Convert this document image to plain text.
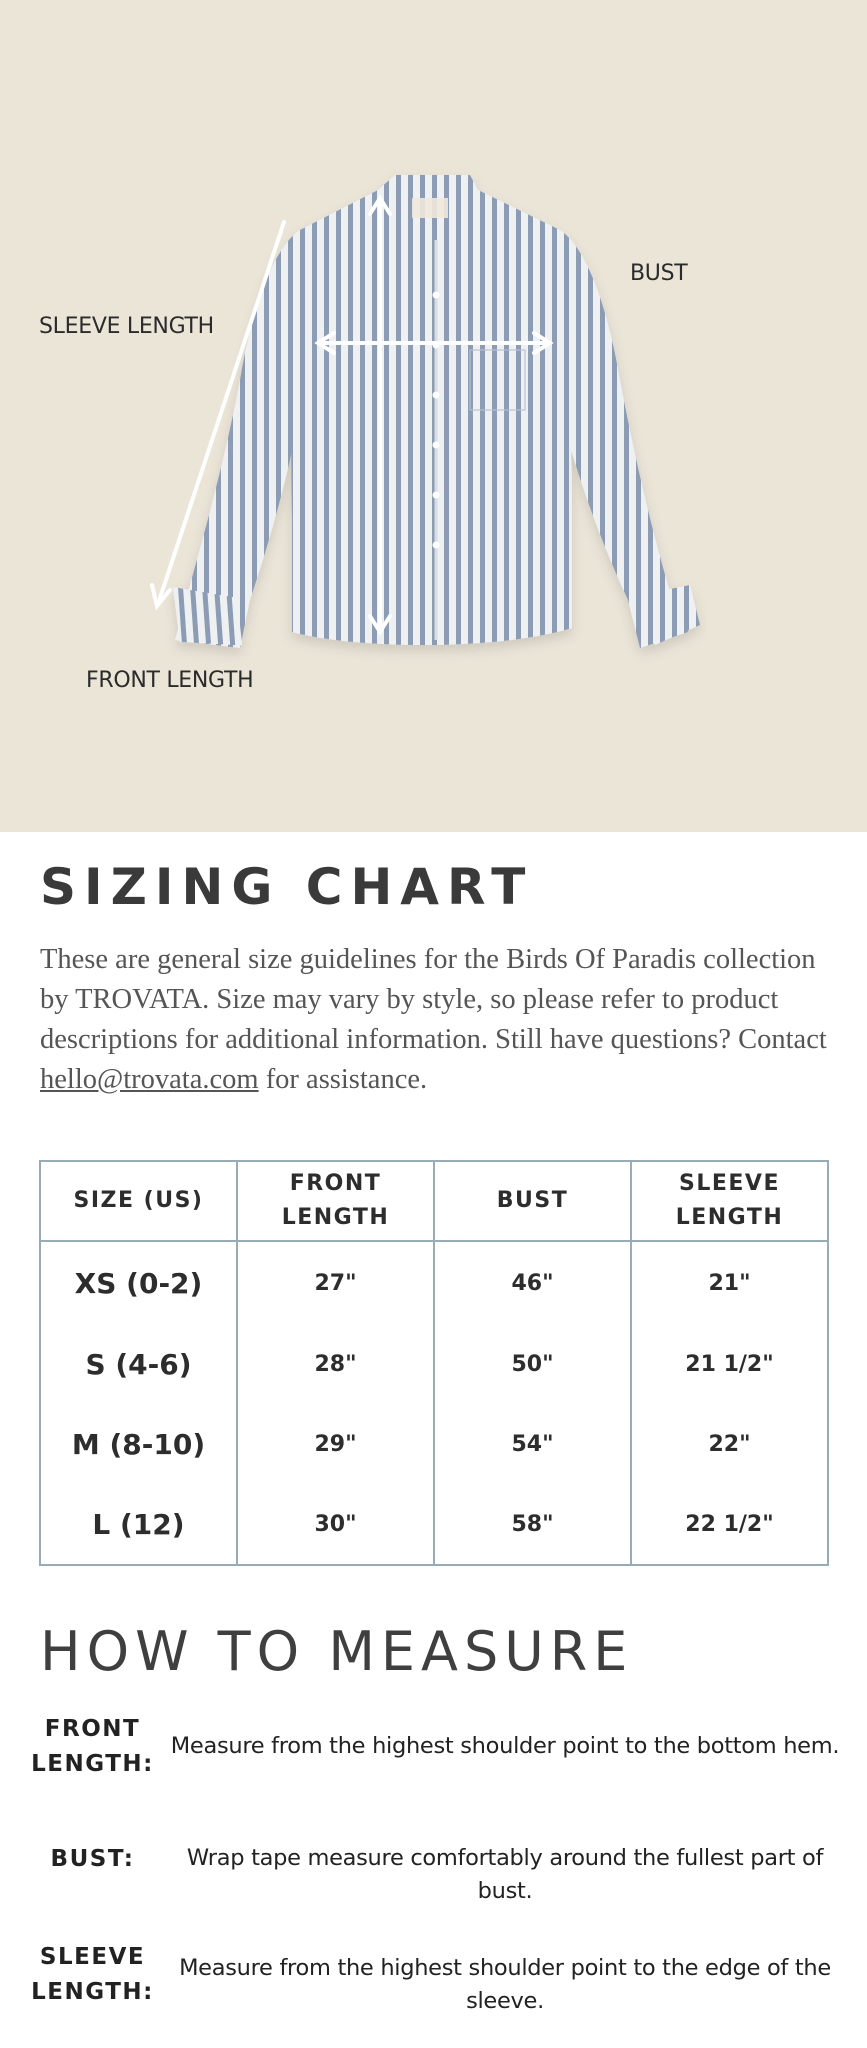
SLEEVE LENGTH
BUST
FRONT LENGTH
SIZING CHART

These are general size guidelines for the Birds Of Paradis collection by TROVATA. Size may vary by style, so please refer to product descriptions for additional information. Still have questions? Contact hello@trovata.com for assistance.

SIZE (US)	FRONT LENGTH	BUST	SLEEVE LENGTH

XS (0-2)	27"	46"	21"
S (4-6)	28"	50"	21 1/2"
M (8-10)	29"	54"	22"
L (12)	30"	58"	22 1/2"
HOW TO MEASURE
FRONT LENGTH:
Measure from the highest shoulder point to the bottom hem.
BUST:	Wrap tape measure comfortably around the fullest part of bust.
SLEEVE LENGTH:
Measure from the highest shoulder point to the edge of the sleeve.
